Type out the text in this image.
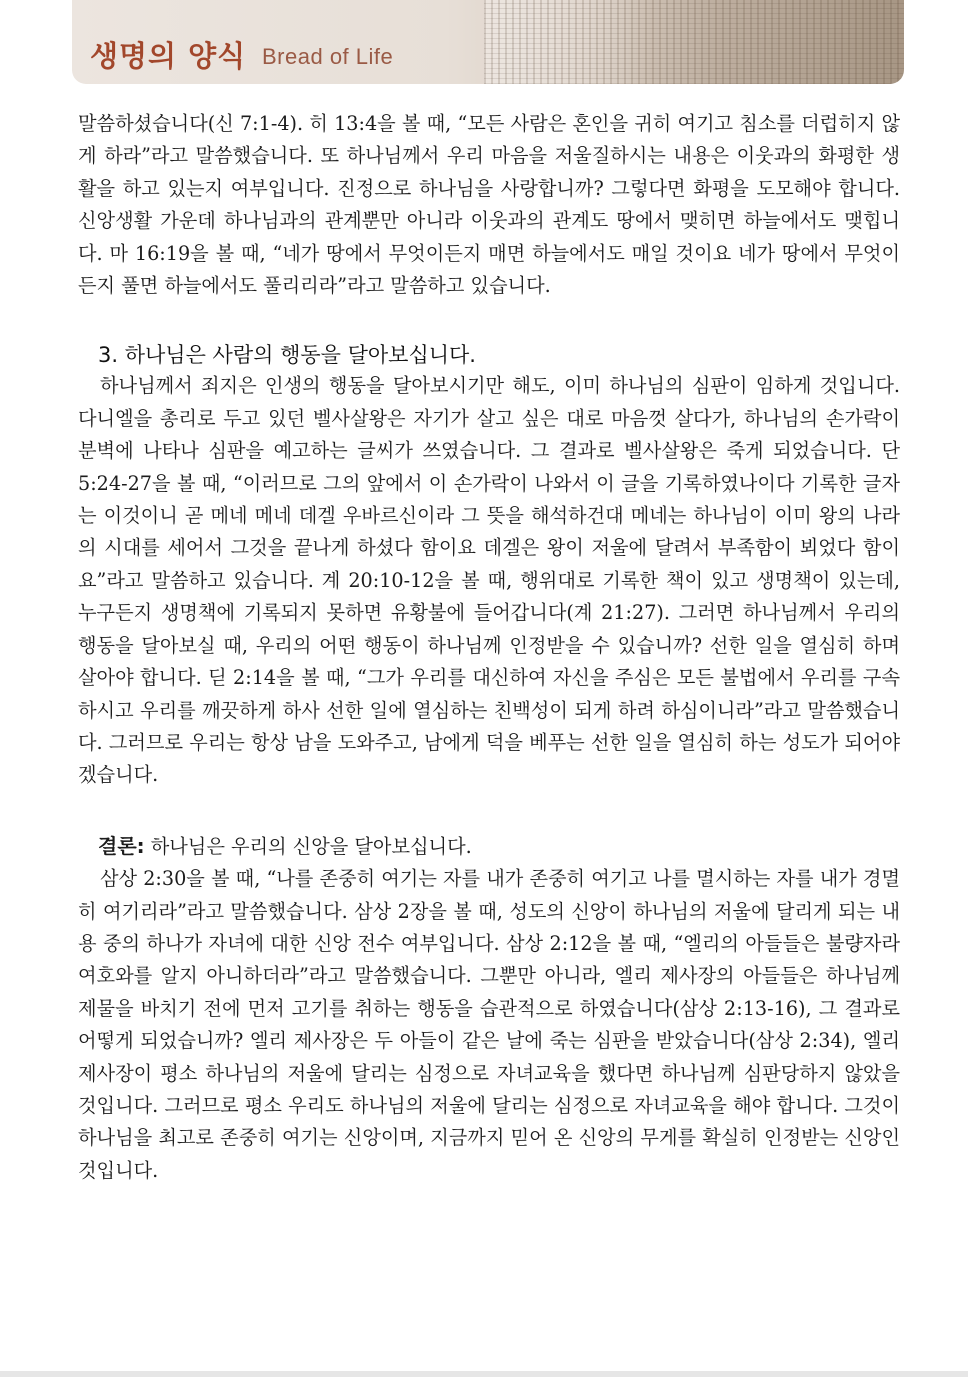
생명의 양식 Bread of Life

말씀하셨습니다(신 7:1-4). 히 13:4을 볼 때, “모든 사람은 혼인을 귀히 여기고 침소를 더럽히지 않게 하라”라고 말씀했습니다. 또 하나님께서 우리 마음을 저울질하시는 내용은 이웃과의 화평한 생활을 하고 있는지 여부입니다. 진정으로 하나님을 사랑합니까? 그렇다면 화평을 도모해야 합니다. 신앙생활 가운데 하나님과의 관계뿐만 아니라 이웃과의 관계도 땅에서 맺히면 하늘에서도 맺힙니다. 마 16:19을 볼 때, “네가 땅에서 무엇이든지 매면 하늘에서도 매일 것이요 네가 땅에서 무엇이든지 풀면 하늘에서도 풀리리라”라고 말씀하고 있습니다.

3. 하나님은 사람의 행동을 달아보십니다.

하나님께서 죄지은 인생의 행동을 달아보시기만 해도, 이미 하나님의 심판이 임하게 것입니다. 다니엘을 총리로 두고 있던 벨사살왕은 자기가 살고 싶은 대로 마음껏 살다가, 하나님의 손가락이 분벽에 나타나 심판을 예고하는 글씨가 쓰였습니다. 그 결과로 벨사살왕은 죽게 되었습니다. 단 5:24-27을 볼 때, “이러므로 그의 앞에서 이 손가락이 나와서 이 글을 기록하였나이다 기록한 글자는 이것이니 곧 메네 메네 데겔 우바르신이라 그 뜻을 해석하건대 메네는 하나님이 이미 왕의 나라의 시대를 세어서 그것을 끝나게 하셨다 함이요 데겔은 왕이 저울에 달려서 부족함이 뵈었다 함이요”라고 말씀하고 있습니다. 계 20:10-12을 볼 때, 행위대로 기록한 책이 있고 생명책이 있는데, 누구든지 생명책에 기록되지 못하면 유황불에 들어갑니다(계 21:27). 그러면 하나님께서 우리의 행동을 달아보실 때, 우리의 어떤 행동이 하나님께 인정받을 수 있습니까? 선한 일을 열심히 하며 살아야 합니다. 딛 2:14을 볼 때, “그가 우리를 대신하여 자신을 주심은 모든 불법에서 우리를 구속하시고 우리를 깨끗하게 하사 선한 일에 열심하는 친백성이 되게 하려 하심이니라”라고 말씀했습니다. 그러므로 우리는 항상 남을 도와주고, 남에게 덕을 베푸는 선한 일을 열심히 하는 성도가 되어야겠습니다.

결론: 하나님은 우리의 신앙을 달아보십니다.

삼상 2:30을 볼 때, “나를 존중히 여기는 자를 내가 존중히 여기고 나를 멸시하는 자를 내가 경멸히 여기리라”라고 말씀했습니다. 삼상 2장을 볼 때, 성도의 신앙이 하나님의 저울에 달리게 되는 내용 중의 하나가 자녀에 대한 신앙 전수 여부입니다. 삼상 2:12을 볼 때, “엘리의 아들들은 불량자라 여호와를 알지 아니하더라”라고 말씀했습니다. 그뿐만 아니라, 엘리 제사장의 아들들은 하나님께 제물을 바치기 전에 먼저 고기를 취하는 행동을 습관적으로 하였습니다(삼상 2:13-16), 그 결과로 어떻게 되었습니까? 엘리 제사장은 두 아들이 같은 날에 죽는 심판을 받았습니다(삼상 2:34), 엘리 제사장이 평소 하나님의 저울에 달리는 심정으로 자녀교육을 했다면 하나님께 심판당하지 않았을 것입니다. 그러므로 평소 우리도 하나님의 저울에 달리는 심정으로 자녀교육을 해야 합니다. 그것이 하나님을 최고로 존중히 여기는 신앙이며, 지금까지 믿어 온 신앙의 무게를 확실히 인정받는 신앙인 것입니다.
